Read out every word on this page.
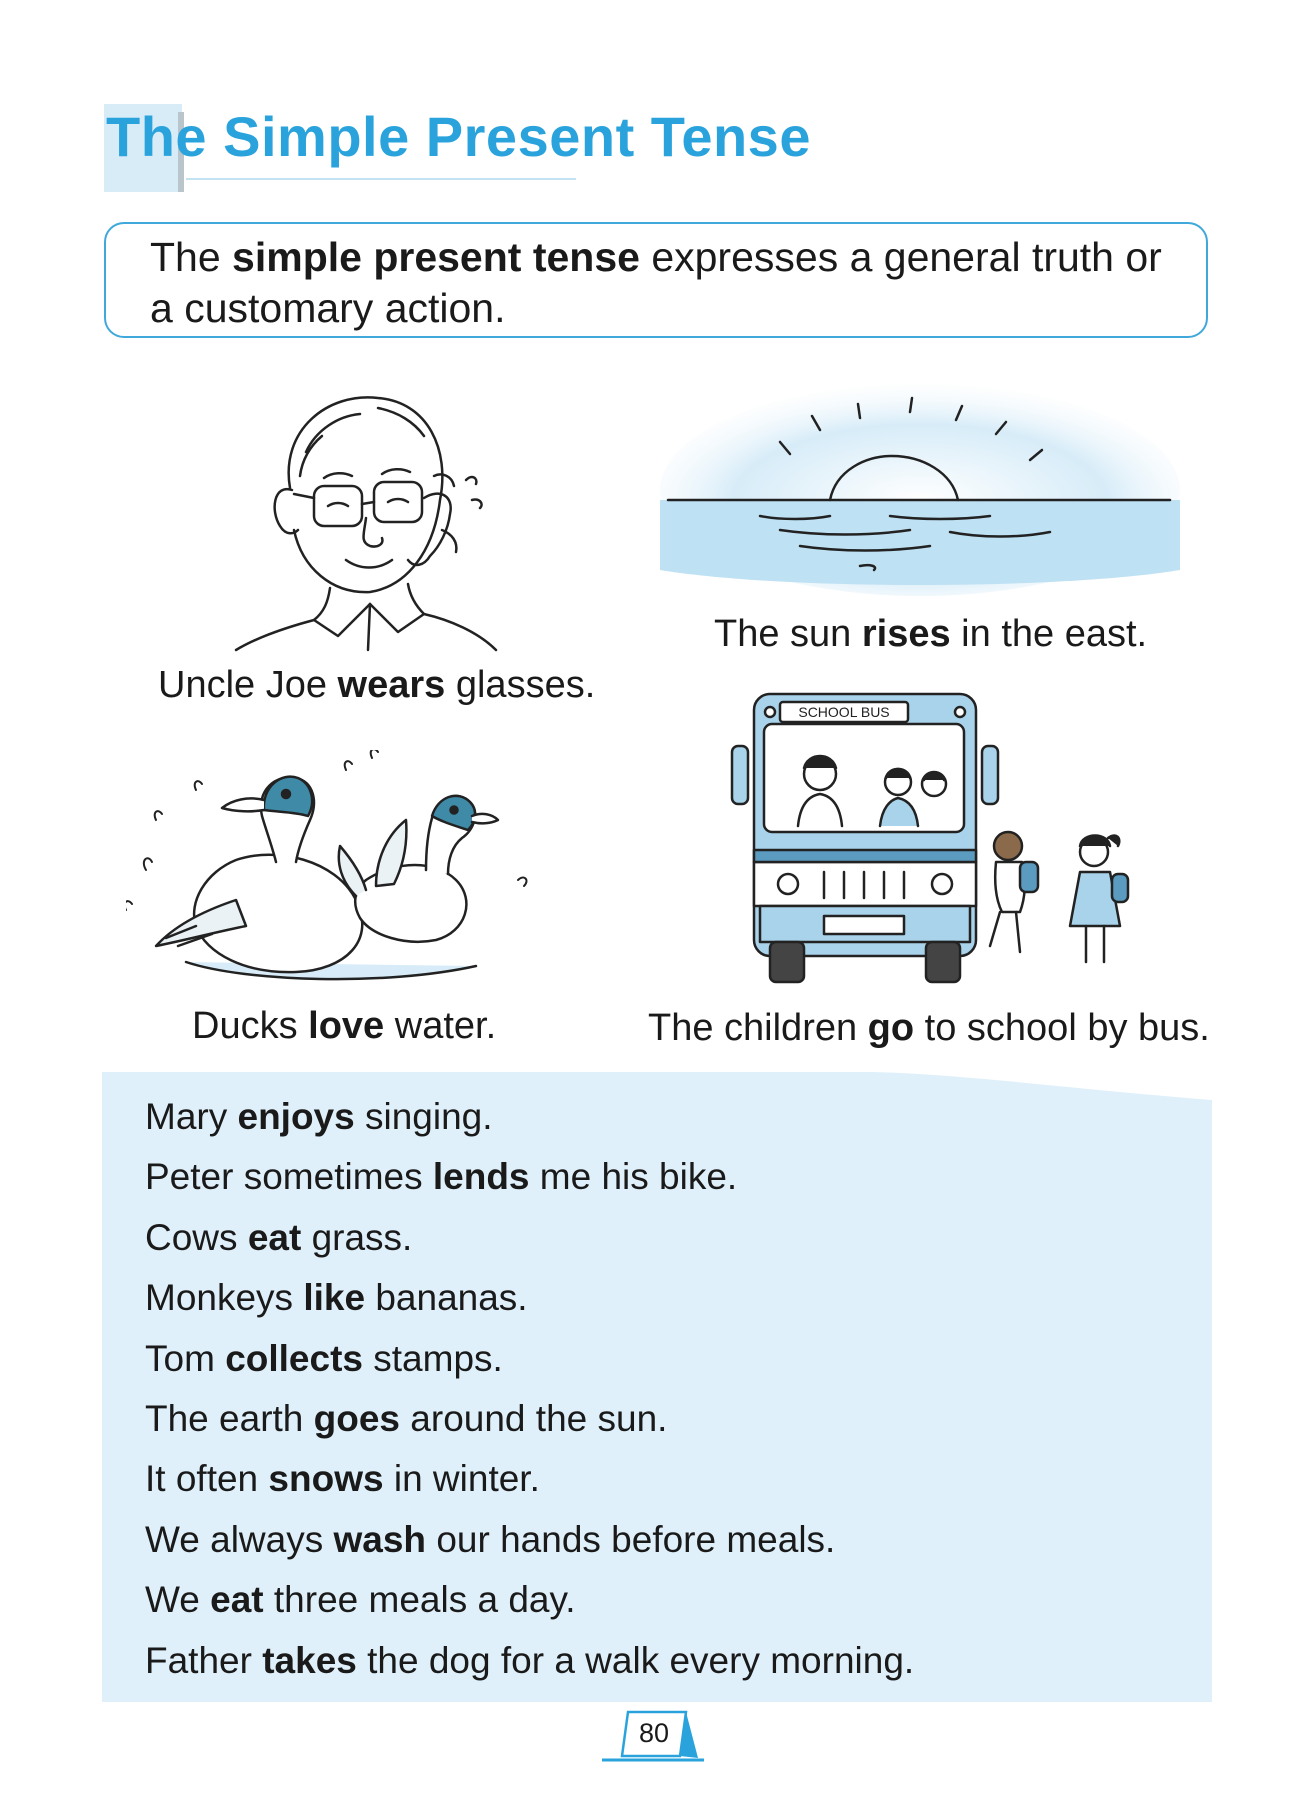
The Simple Present Tense

The simple present tense expresses a general truth or a customary action.

Uncle Joe wears glasses.
The sun rises in the east.
Ducks love water.
SCHOOL BUS
The children go to school by bus.
Mary enjoys singing.
Peter sometimes lends me his bike.
Cows eat grass.
Monkeys like bananas.
Tom collects stamps.
The earth goes around the sun.
It often snows in winter.
We always wash our hands before meals.
We eat three meals a day.
Father takes the dog for a walk every morning.
80
